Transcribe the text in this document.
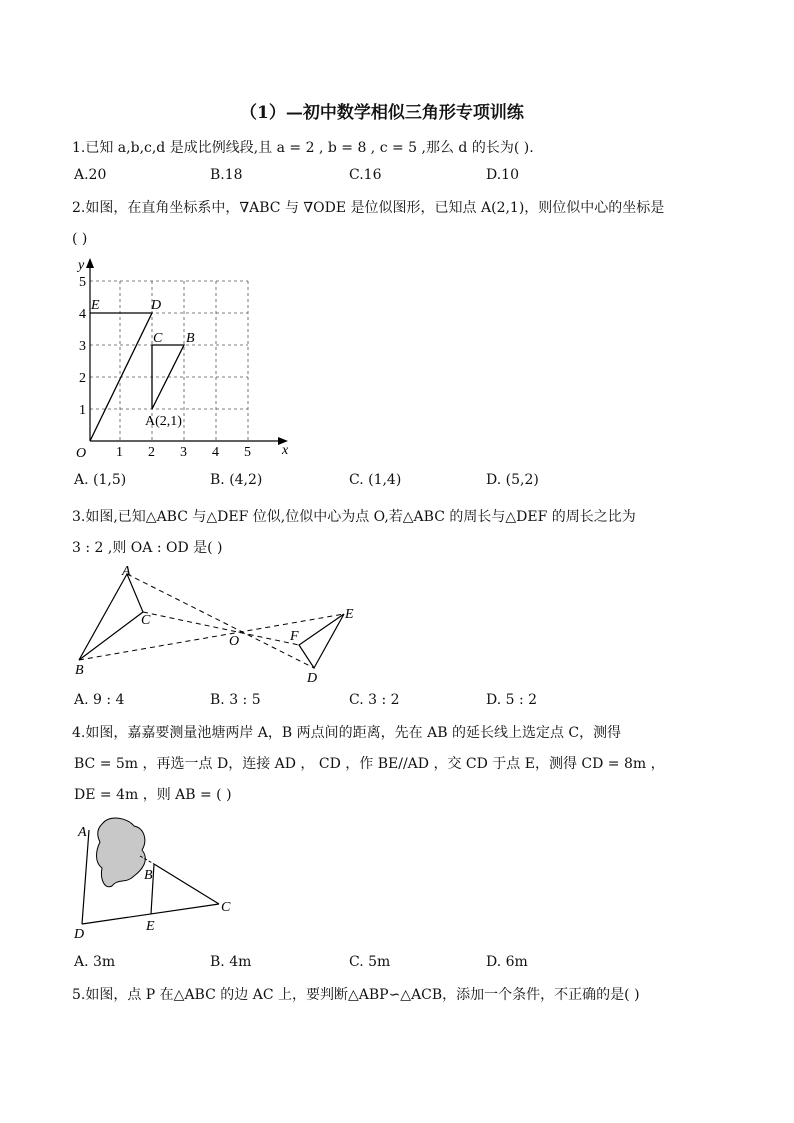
（1）—初中数学相似三角形专项训练
1.已知 a,b,c,d 是成比例线段,且 a = 2 , b = 8 , c = 5 ,那么 d 的长为( ).
A.20	B.18	C.16	D.10
2.如图，在直角坐标系中，∇ABC 与 ∇ODE 是位似图形，已知点 A(2,1)，则位似中心的坐标是
( )
y
x
O 1 2 3 4 5
1
2
3
4
5
E	D
C B
A(2,1)
A. (1,5)	B. (4,2)	C. (1,4)	D. (5,2)
3.如图,已知△ABC 与△DEF 位似,位似中心为点 O,若△ABC 的周长与△DEF 的周长之比为
3 : 2 ,则 OA : OD 是( )
A
B
C
O
D
E
F
A. 9 : 4	B. 3 : 5	C. 3 : 2	D. 5 : 2
4.如图，嘉嘉要测量池塘两岸 A，B 两点间的距离，先在 AB 的延长线上选定点 C，测得
BC = 5m ，再选一点 D，连接 AD ， CD ，作 BE//AD ，交 CD 于点 E，测得 CD = 8m ，
DE = 4m ，则 AB = ( )
A
B
C
D
E
A. 3m	B. 4m	C. 5m	D. 6m
5.如图，点 P 在△ABC 的边 AC 上，要判断△ABP∽△ACB，添加一个条件，不正确的是( )
